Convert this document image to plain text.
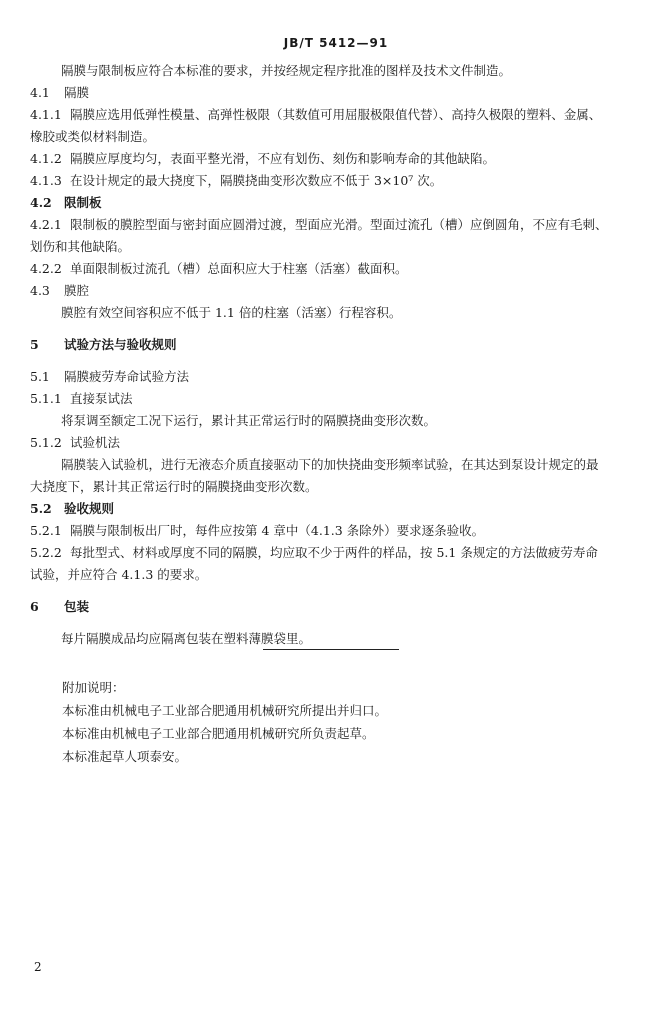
JB/T 5412—91

隔膜与限制板应符合本标准的要求，并按经规定程序批准的图样及技术文件制造。

4.1 隔膜

4.1.1 隔膜应选用低弹性模量、高弹性极限（其数值可用屈服极限值代替）、高持久极限的塑料、金属、

橡胶或类似材料制造。

4.1.2 隔膜应厚度均匀，表面平整光滑，不应有划伤、刻伤和影响寿命的其他缺陷。

4.1.3 在设计规定的最大挠度下，隔膜挠曲变形次数应不低于 3×10⁷ 次。

4.2 限制板

4.2.1 限制板的膜腔型面与密封面应圆滑过渡，型面应光滑。型面过流孔（槽）应倒圆角，不应有毛刺、

划伤和其他缺陷。

4.2.2 单面限制板过流孔（槽）总面积应大于柱塞（活塞）截面积。

4.3 膜腔

膜腔有效空间容积应不低于 1.1 倍的柱塞（活塞）行程容积。

5 试验方法与验收规则

5.1 隔膜疲劳寿命试验方法

5.1.1 直接泵试法

将泵调至额定工况下运行，累计其正常运行时的隔膜挠曲变形次数。

5.1.2 试验机法

隔膜装入试验机，进行无液态介质直接驱动下的加快挠曲变形频率试验，在其达到泵设计规定的最

大挠度下，累计其正常运行时的隔膜挠曲变形次数。

5.2 验收规则

5.2.1 隔膜与限制板出厂时，每件应按第 4 章中（4.1.3 条除外）要求逐条验收。

5.2.2 每批型式、材料或厚度不同的隔膜，均应取不少于两件的样品，按 5.1 条规定的方法做疲劳寿命

试验，并应符合 4.1.3 的要求。

6 包装

每片隔膜成品均应隔离包装在塑料薄膜袋里。

附加说明：

本标准由机械电子工业部合肥通用机械研究所提出并归口。

本标准由机械电子工业部合肥通用机械研究所负责起草。

本标准起草人项泰安。

2
